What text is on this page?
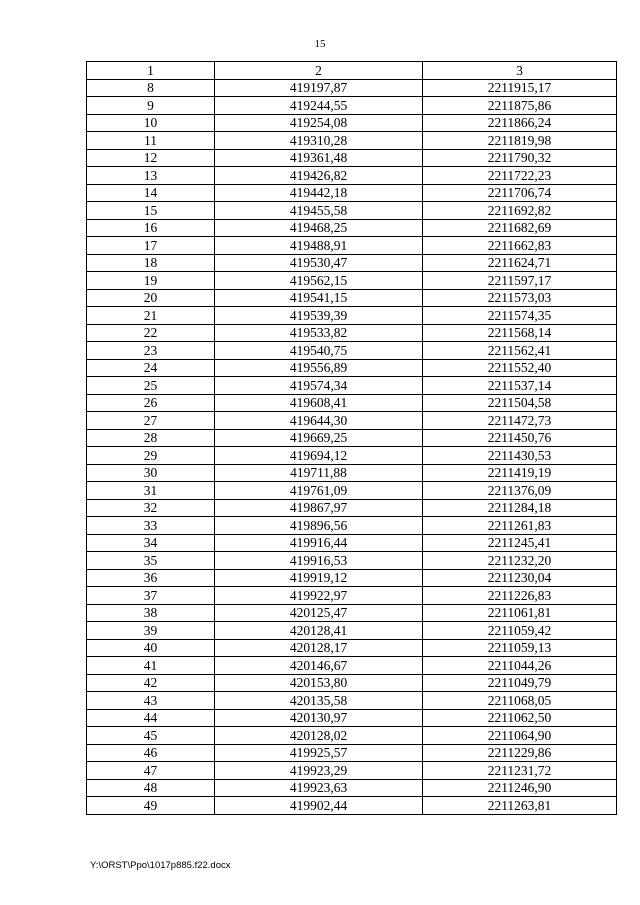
15
1	2	3
8	419197,87	2211915,17
9	419244,55	2211875,86
10	419254,08	2211866,24
11	419310,28	2211819,98
12	419361,48	2211790,32
13	419426,82	2211722,23
14	419442,18	2211706,74
15	419455,58	2211692,82
16	419468,25	2211682,69
17	419488,91	2211662,83
18	419530,47	2211624,71
19	419562,15	2211597,17
20	419541,15	2211573,03
21	419539,39	2211574,35
22	419533,82	2211568,14
23	419540,75	2211562,41
24	419556,89	2211552,40
25	419574,34	2211537,14
26	419608,41	2211504,58
27	419644,30	2211472,73
28	419669,25	2211450,76
29	419694,12	2211430,53
30	419711,88	2211419,19
31	419761,09	2211376,09
32	419867,97	2211284,18
33	419896,56	2211261,83
34	419916,44	2211245,41
35	419916,53	2211232,20
36	419919,12	2211230,04
37	419922,97	2211226,83
38	420125,47	2211061,81
39	420128,41	2211059,42
40	420128,17	2211059,13
41	420146,67	2211044,26
42	420153,80	2211049,79
43	420135,58	2211068,05
44	420130,97	2211062,50
45	420128,02	2211064,90
46	419925,57	2211229,86
47	419923,29	2211231,72
48	419923,63	2211246,90
49	419902,44	2211263,81
Y:\ORST\Ppo\1017p885.f22.docx
